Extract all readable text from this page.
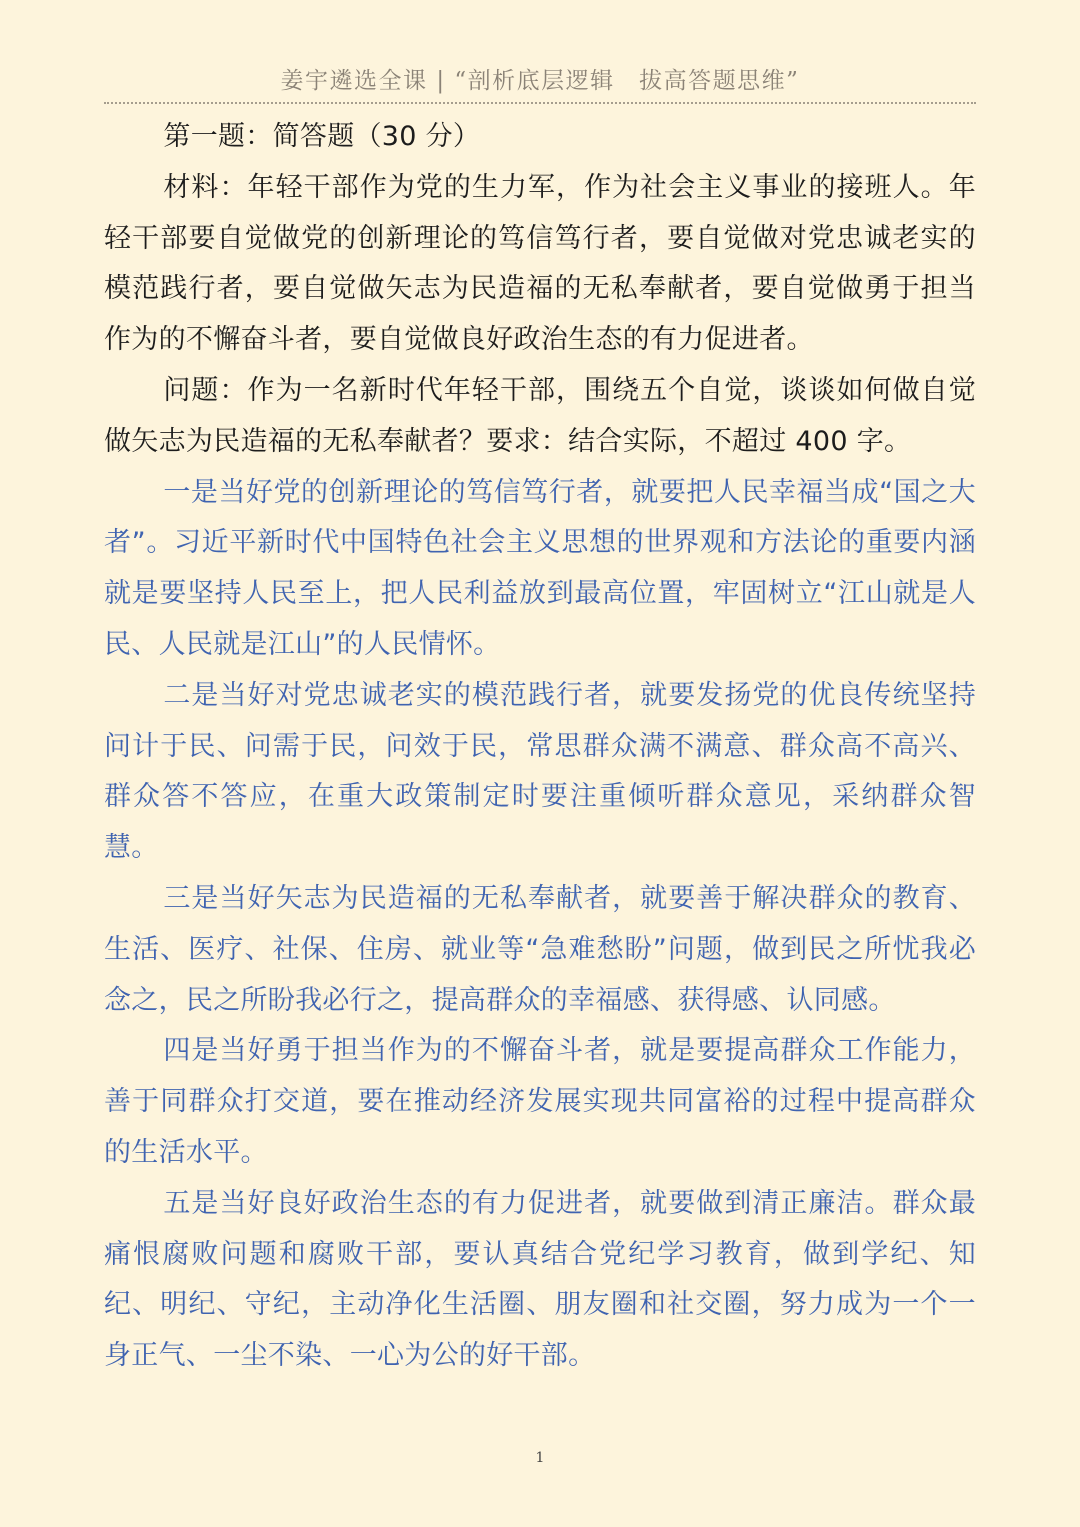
姜宇遴选全课 | “剖析底层逻辑　拔高答题思维”

第一题：简答题（30 分）

材料：年轻干部作为党的生力军，作为社会主义事业的接班人。年轻干部要自觉做党的创新理论的笃信笃行者，要自觉做对党忠诚老实的模范践行者，要自觉做矢志为民造福的无私奉献者，要自觉做勇于担当作为的不懈奋斗者，要自觉做良好政治生态的有力促进者。

问题：作为一名新时代年轻干部，围绕五个自觉，谈谈如何做自觉做矢志为民造福的无私奉献者？要求：结合实际，不超过 400 字。

一是当好党的创新理论的笃信笃行者，就要把人民幸福当成“国之大者”。习近平新时代中国特色社会主义思想的世界观和方法论的重要内涵就是要坚持人民至上，把人民利益放到最高位置，牢固树立“江山就是人民、人民就是江山”的人民情怀。

二是当好对党忠诚老实的模范践行者，就要发扬党的优良传统坚持问计于民、问需于民，问效于民，常思群众满不满意、群众高不高兴、群众答不答应，在重大政策制定时要注重倾听群众意见，采纳群众智慧。

三是当好矢志为民造福的无私奉献者，就要善于解决群众的教育、生活、医疗、社保、住房、就业等“急难愁盼”问题，做到民之所忧我必念之，民之所盼我必行之，提高群众的幸福感、获得感、认同感。

四是当好勇于担当作为的不懈奋斗者，就是要提高群众工作能力，善于同群众打交道，要在推动经济发展实现共同富裕的过程中提高群众的生活水平。

五是当好良好政治生态的有力促进者，就要做到清正廉洁。群众最痛恨腐败问题和腐败干部，要认真结合党纪学习教育，做到学纪、知纪、明纪、守纪，主动净化生活圈、朋友圈和社交圈，努力成为一个一身正气、一尘不染、一心为公的好干部。

1
